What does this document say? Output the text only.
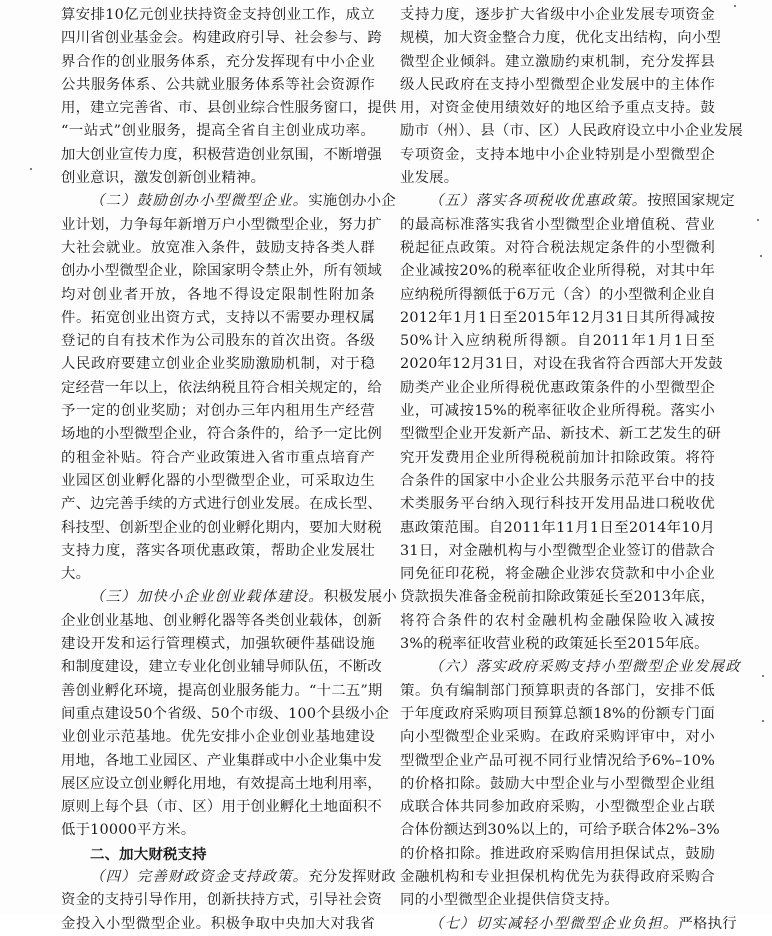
算安排10亿元创业扶持资金支持创业工作，成立
四川省创业基金会。构建政府引导、社会参与、跨
界合作的创业服务体系，充分发挥现有中小企业
公共服务体系、公共就业服务体系等社会资源作
用，建立完善省、市、县创业综合性服务窗口，提供
“一站式”创业服务，提高全省自主创业成功率。
加大创业宣传力度，积极营造创业氛围，不断增强
创业意识，激发创新创业精神。
（二）鼓励创办小型微型企业。实施创办小企
业计划，力争每年新增万户小型微型企业，努力扩
大社会就业。放宽准入条件，鼓励支持各类人群
创办小型微型企业，除国家明令禁止外，所有领域
均对创业者开放，各地不得设定限制性附加条
件。拓宽创业出资方式，支持以不需要办理权属
登记的自有技术作为公司股东的首次出资。各级
人民政府要建立创业企业奖励激励机制，对于稳
定经营一年以上，依法纳税且符合相关规定的，给
予一定的创业奖励；对创办三年内租用生产经营
场地的小型微型企业，符合条件的，给予一定比例
的租金补贴。符合产业政策进入省市重点培育产
业园区创业孵化器的小型微型企业，可采取边生
产、边完善手续的方式进行创业发展。在成长型、
科技型、创新型企业的创业孵化期内，要加大财税
支持力度，落实各项优惠政策，帮助企业发展壮
大。
（三）加快小企业创业载体建设。积极发展小
企业创业基地、创业孵化器等各类创业载体，创新
建设开发和运行管理模式，加强软硬件基础设施
和制度建设，建立专业化创业辅导师队伍，不断改
善创业孵化环境，提高创业服务能力。“十二五”期
间重点建设50个省级、50个市级、100个县级小企
业创业示范基地。优先安排小企业创业基地建设
用地，各地工业园区、产业集群或中小企业集中发
展区应设立创业孵化用地，有效提高土地利用率，
原则上每个县（市、区）用于创业孵化土地面积不
低于10000平方米。
二、加大财税支持
（四）完善财政资金支持政策。充分发挥财政
资金的支持引导作用，创新扶持方式，引导社会资
金投入小型微型企业。积极争取中央加大对我省
支持力度，逐步扩大省级中小企业发展专项资金
规模，加大资金整合力度，优化支出结构，向小型
微型企业倾斜。建立激励约束机制，充分发挥县
级人民政府在支持小型微型企业发展中的主体作
用，对资金使用绩效好的地区给予重点支持。鼓
励市（州）、县（市、区）人民政府设立中小企业发展
专项资金，支持本地中小企业特别是小型微型企
业发展。
（五）落实各项税收优惠政策。按照国家规定
的最高标准落实我省小型微型企业增值税、营业
税起征点政策。对符合税法规定条件的小型微利
企业减按20%的税率征收企业所得税，对其中年
应纳税所得额低于6万元（含）的小型微利企业自
2012年1月1日至2015年12月31日其所得减按
50%计入应纳税所得额。自2011年1月1日至
2020年12月31日，对设在我省符合西部大开发鼓
励类产业企业所得税优惠政策条件的小型微型企
业，可减按15%的税率征收企业所得税。落实小
型微型企业开发新产品、新技术、新工艺发生的研
究开发费用企业所得税税前加计扣除政策。将符
合条件的国家中小企业公共服务示范平台中的技
术类服务平台纳入现行科技开发用品进口税收优
惠政策范围。自2011年11月1日至2014年10月
31日，对金融机构与小型微型企业签订的借款合
同免征印花税，将金融企业涉农贷款和中小企业
贷款损失准备金税前扣除政策延长至2013年底，
将符合条件的农村金融机构金融保险收入减按
3%的税率征收营业税的政策延长至2015年底。
（六）落实政府采购支持小型微型企业发展政
策。负有编制部门预算职责的各部门，安排不低
于年度政府采购项目预算总额18%的份额专门面
向小型微型企业采购。在政府采购评审中，对小
型微型企业产品可视不同行业情况给予6%–10%
的价格扣除。鼓励大中型企业与小型微型企业组
成联合体共同参加政府采购，小型微型企业占联
合体份额达到30%以上的，可给予联合体2%–3%
的价格扣除。推进政府采购信用担保试点，鼓励
金融机构和专业担保机构优先为获得政府采购合
同的小型微型企业提供信贷支持。
（七）切实减轻小型微型企业负担。严格执行
